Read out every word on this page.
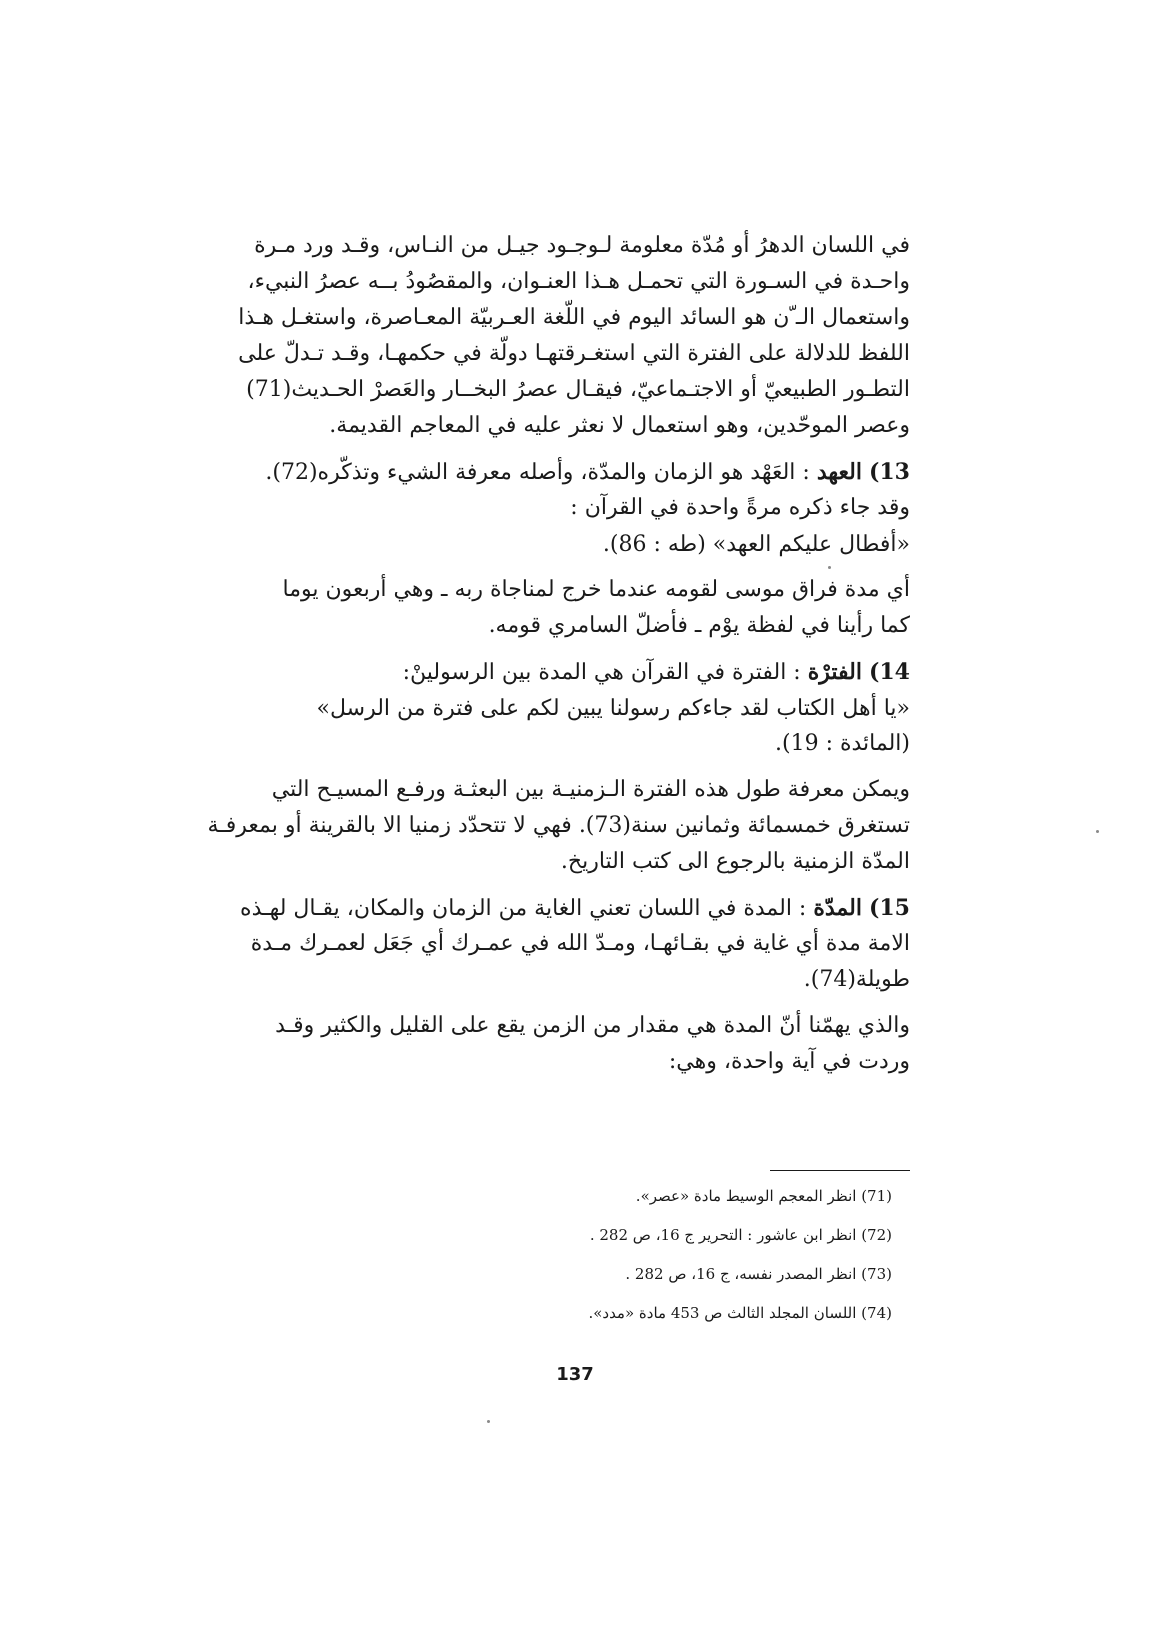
في اللسان الدهرُ أو مُدّة معلومة لـوجـود جيـل من النـاس، وقـد ورد مـرة
واحـدة في السـورة التي تحمـل هـذا العنـوان، والمقصُودُ بــه عصرُ النبيء،
واستعمال الـ ّن هو السائد اليوم في اللّغة العـربيّة المعـاصرة، واستغـل هـذا
اللفظ للدلالة على الفترة التي استغـرقتهـا دولّة في حكمهـا، وقـد تـدلّ على
التطـور الطبيعيّ أو الاجتـماعيّ، فيقـال عصرُ البخــار والعَصرْ الحـديث(71)
وعصر الموحّدين، وهو استعمال لا نعثر عليه في المعاجم القديمة.
13) العهد : العَهْد هو الزمان والمدّة، وأصله معرفة الشيء وتذكّره(72).
وقد جاء ذكره مرةً واحدة في القرآن :
«أفطال عليكم العهد» (طه : 86).
أي مدة فراق موسى لقومه عندما خرج لمناجاة ربه ـ وهي أربعون يوما
كما رأينا في لفظة يوْم ـ فأضلّ السامري قومه.
14) الفترْة : الفترة في القرآن هي المدة بين الرسولينْ:
«يا أهل الكتاب لقد جاءكم رسولنا يبين لكم على فترة من الرسل»
(المائدة : 19).
ويمكن معرفة طول هذه الفترة الـزمنيـة بين البعثـة ورفـع المسيـح التي
تستغرق خمسمائة وثمانين سنة(73). فهي لا تتحدّد زمنيا الا بالقرينة أو بمعرفـة
المدّة الزمنية بالرجوع الى كتب التاريخ.
15) المدّة : المدة في اللسان تعني الغاية من الزمان والمكان، يقـال لهـذه
الامة مدة أي غاية في بقـائهـا، ومـدّ الله في عمـرك أي جَعَل لعمـرك مـدة
طويلة(74).
والذي يهمّنا أنّ المدة هي مقدار من الزمن يقع على القليل والكثير وقـد
وردت في آية واحدة، وهي:
(71) انظر المعجم الوسيط مادة «عصر».
(72) انظر ابن عاشور : التحرير ج 16، ص 282 .
(73) انظر المصدر نفسه، ج 16، ص 282 .
(74) اللسان المجلد الثالث ص 453 مادة «مدد».
137
